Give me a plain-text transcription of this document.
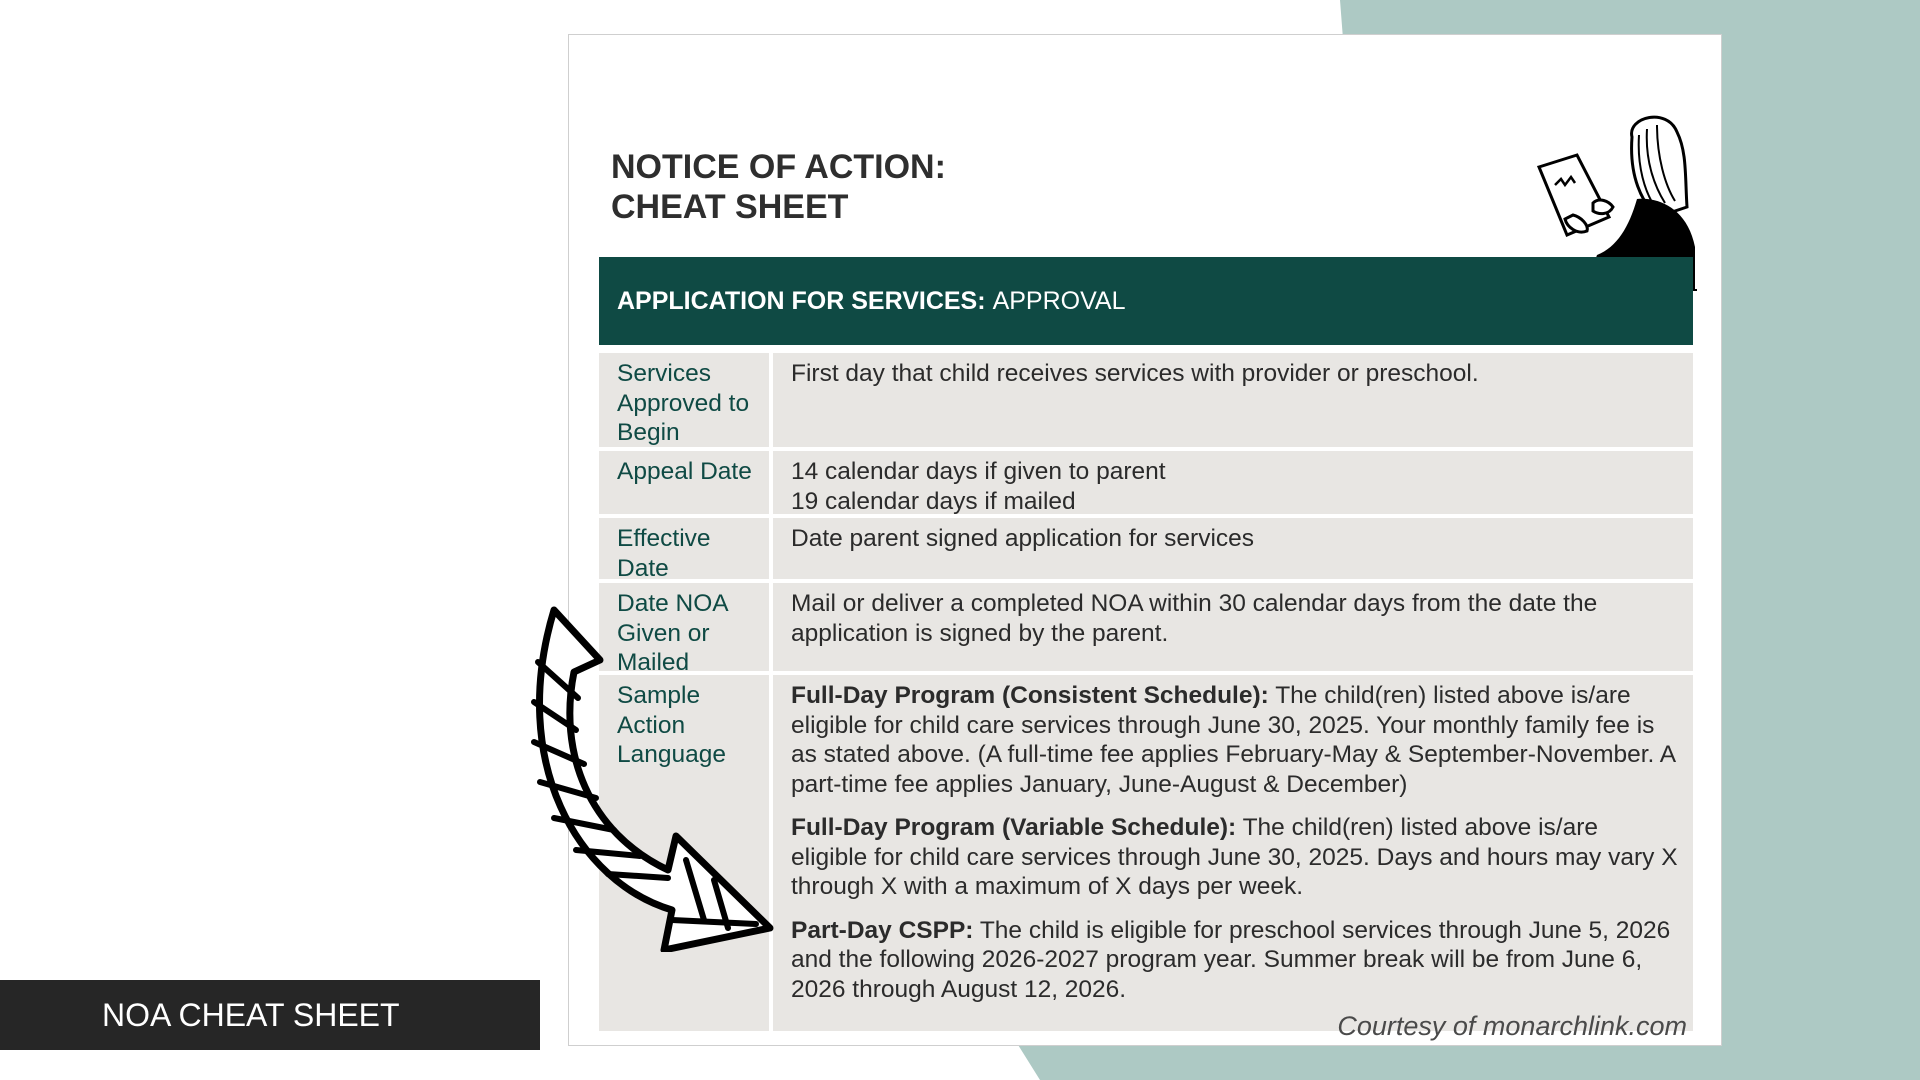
NOTICE OF ACTION:
CHEAT SHEET
APPLICATION FOR SERVICES: APPROVAL
Services Approved to Begin
First day that child receives services with provider or preschool.
Appeal Date	14 calendar days if given to parent
19 calendar days if mailed
Effective Date
Date parent signed application for services
Date NOA Given or Mailed
Mail or deliver a completed NOA within 30 calendar days from the date the application is signed by the parent.
Sample Action Language

Full-Day Program (Consistent Schedule): The child(ren) listed above is/are eligible for child care services through June 30, 2025. Your monthly family fee is as stated above. (A full-time fee applies February-May & September-November. A part-time fee applies January, June-August & December)

Full-Day Program (Variable Schedule): The child(ren) listed above is/are eligible for child care services through June 30, 2025. Days and hours may vary X through X with a maximum of X days per week.

Part-Day CSPP: The child is eligible for preschool services through June 5, 2026 and the following 2026-2027 program year. Summer break will be from June 6, 2026 through August 12, 2026.

Courtesy of monarchlink.com
NOA CHEAT SHEET
